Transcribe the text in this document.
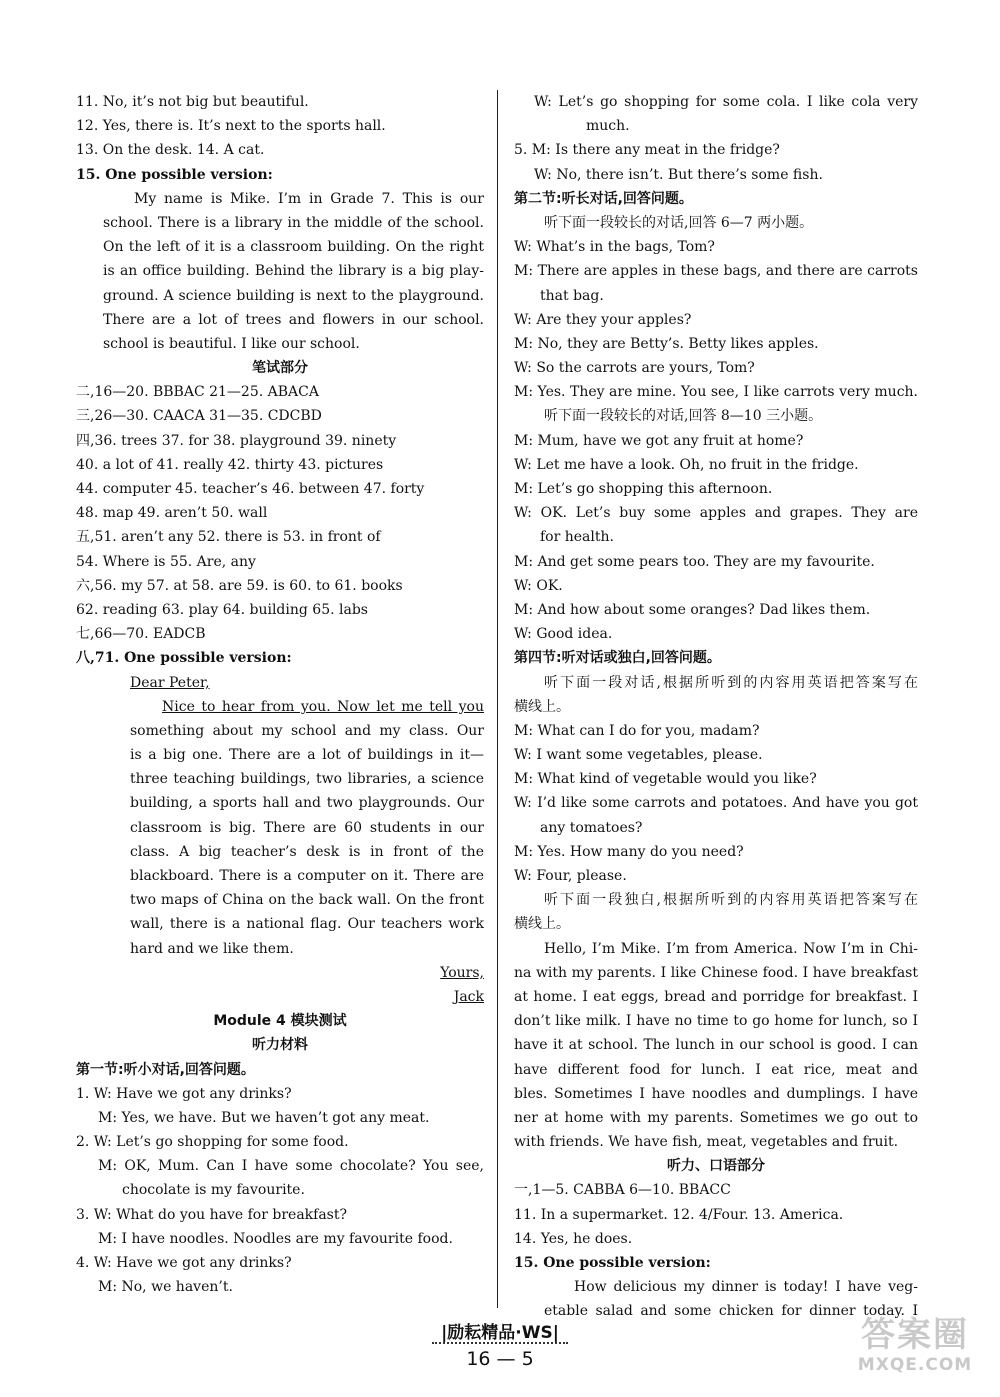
11. No, it’s not big but beautiful.
12. Yes, there is. It’s next to the sports hall.
13. On the desk. 14. A cat.
15. One possible version:
My name is Mike. I’m in Grade 7. This is our
school. There is a library in the middle of the school.
On the left of it is a classroom building. On the right
is an office building. Behind the library is a big play-
ground. A science building is next to the playground.
There are a lot of trees and flowers in our school.
school is beautiful. I like our school.
笔试部分
二,16—20. BBBAC 21—25. ABACA
三,26—30. CAACA 31—35. CDCBD
四,36. trees 37. for 38. playground 39. ninety
40. a lot of 41. really 42. thirty 43. pictures
44. computer 45. teacher’s 46. between 47. forty
48. map 49. aren’t 50. wall
五,51. aren’t any 52. there is 53. in front of
54. Where is 55. Are, any
六,56. my 57. at 58. are 59. is 60. to 61. books
62. reading 63. play 64. building 65. labs
七,66—70. EADCB
八,71. One possible version:
Dear Peter,
Nice to hear from you. Now let me tell you
something about my school and my class. Our
is a big one. There are a lot of buildings in it—
three teaching buildings, two libraries, a science
building, a sports hall and two playgrounds. Our
classroom is big. There are 60 students in our
class. A big teacher’s desk is in front of the
blackboard. There is a computer on it. There are
two maps of China on the back wall. On the front
wall, there is a national flag. Our teachers work
hard and we like them.
Yours,
Jack
Module 4 模块测试
听力材料
第一节:听小对话,回答问题。
1. W: Have we got any drinks?
M: Yes, we have. But we haven’t got any meat.
2. W: Let’s go shopping for some food.
M: OK, Mum. Can I have some chocolate? You see,
chocolate is my favourite.
3. W: What do you have for breakfast?
M: I have noodles. Noodles are my favourite food.
4. W: Have we got any drinks?
M: No, we haven’t.
W: Let’s go shopping for some cola. I like cola very
much.
5. M: Is there any meat in the fridge?
W: No, there isn’t. But there’s some fish.
第二节:听长对话,回答问题。
听下面一段较长的对话,回答 6—7 两小题。
W: What’s in the bags, Tom?
M: There are apples in these bags, and there are carrots
that bag.
W: Are they your apples?
M: No, they are Betty’s. Betty likes apples.
W: So the carrots are yours, Tom?
M: Yes. They are mine. You see, I like carrots very much.
听下面一段较长的对话,回答 8—10 三小题。
M: Mum, have we got any fruit at home?
W: Let me have a look. Oh, no fruit in the fridge.
M: Let’s go shopping this afternoon.
W: OK. Let’s buy some apples and grapes. They are
for health.
M: And get some pears too. They are my favourite.
W: OK.
M: And how about some oranges? Dad likes them.
W: Good idea.
第四节:听对话或独白,回答问题。
听下面一段对话,根据所听到的内容用英语把答案写在
横线上。
M: What can I do for you, madam?
W: I want some vegetables, please.
M: What kind of vegetable would you like?
W: I’d like some carrots and potatoes. And have you got
any tomatoes?
M: Yes. How many do you need?
W: Four, please.
听下面一段独白,根据所听到的内容用英语把答案写在
横线上。
Hello, I’m Mike. I’m from America. Now I’m in Chi-
na with my parents. I like Chinese food. I have breakfast
at home. I eat eggs, bread and porridge for breakfast. I
don’t like milk. I have no time to go home for lunch, so I
have it at school. The lunch in our school is good. I can
have different food for lunch. I eat rice, meat and
bles. Sometimes I have noodles and dumplings. I have
ner at home with my parents. Sometimes we go out to
with friends. We have fish, meat, vegetables and fruit.
听力、口语部分
一,1—5. CABBA 6—10. BBACC
11. In a supermarket. 12. 4/Four. 13. America.
14. Yes, he does.
15. One possible version:
How delicious my dinner is today! I have veg-
etable salad and some chicken for dinner today. I
|励耘精品·WS|
16 — 5
答案圈
MXQE.COM
